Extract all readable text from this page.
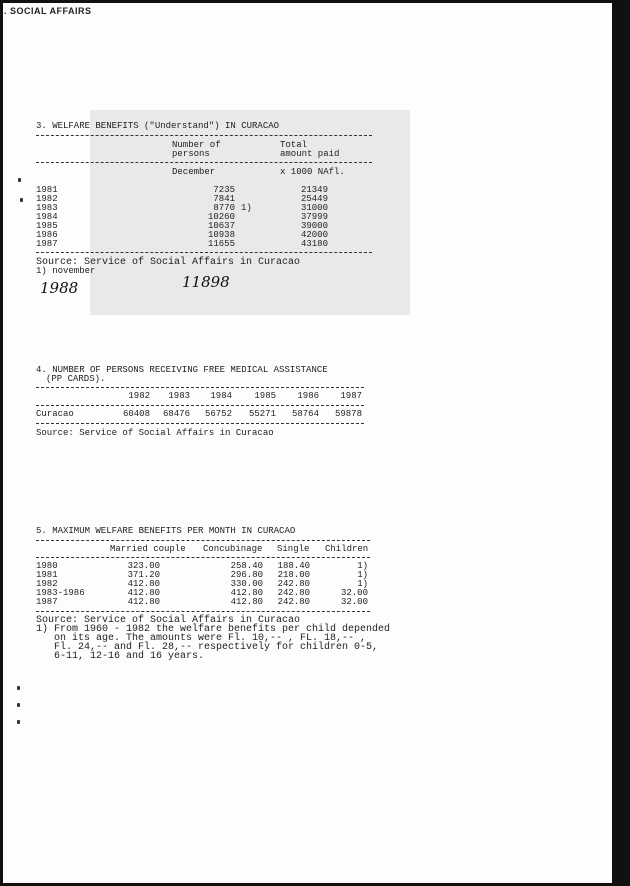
. SOCIAL AFFAIRS
3. WELFARE BENEFITS ("Understand") IN CURACAO
Number of
persons
Total
amount paid
December	x 1000 NAfl.
1981	7235	21349
1982	7841	25449
1983	8770 1)	31000
1984	10260	37999
1985	10637	39000
1986	10938	42000
1987	11655	43180
Source: Service of Social Affairs in Curacao
1) november
1988	11898
4. NUMBER OF PERSONS RECEIVING FREE MEDICAL ASSISTANCE
(PP CARDS).
1982	1983	1984	1985	1986	1987
Curacao	60408	68476	56752	55271	58764	59878
Source: Service of Social Affairs in Curacao
5. MAXIMUM WELFARE BENEFITS PER MONTH IN CURACAO
Married couple Concubinage Single Children
1980	323.00	258.40	188.40	1)
1981	371.20	296.80	218.00	1)
1982	412.80	330.00	242.80	1)
1983-1986	412.80	412.80	242.80	32.00
1987	412.80	412.80	242.80	32.00
Source: Service of Social Affairs in Curacao
1) From 1960 - 1982 the welfare benefits per child depended
on its age. The amounts were Fl. 10,-- , FL. 18,-- ,
Fl. 24,-- and Fl. 28,-- respectively for children 0-5,
6-11, 12-16 and 16 years.
